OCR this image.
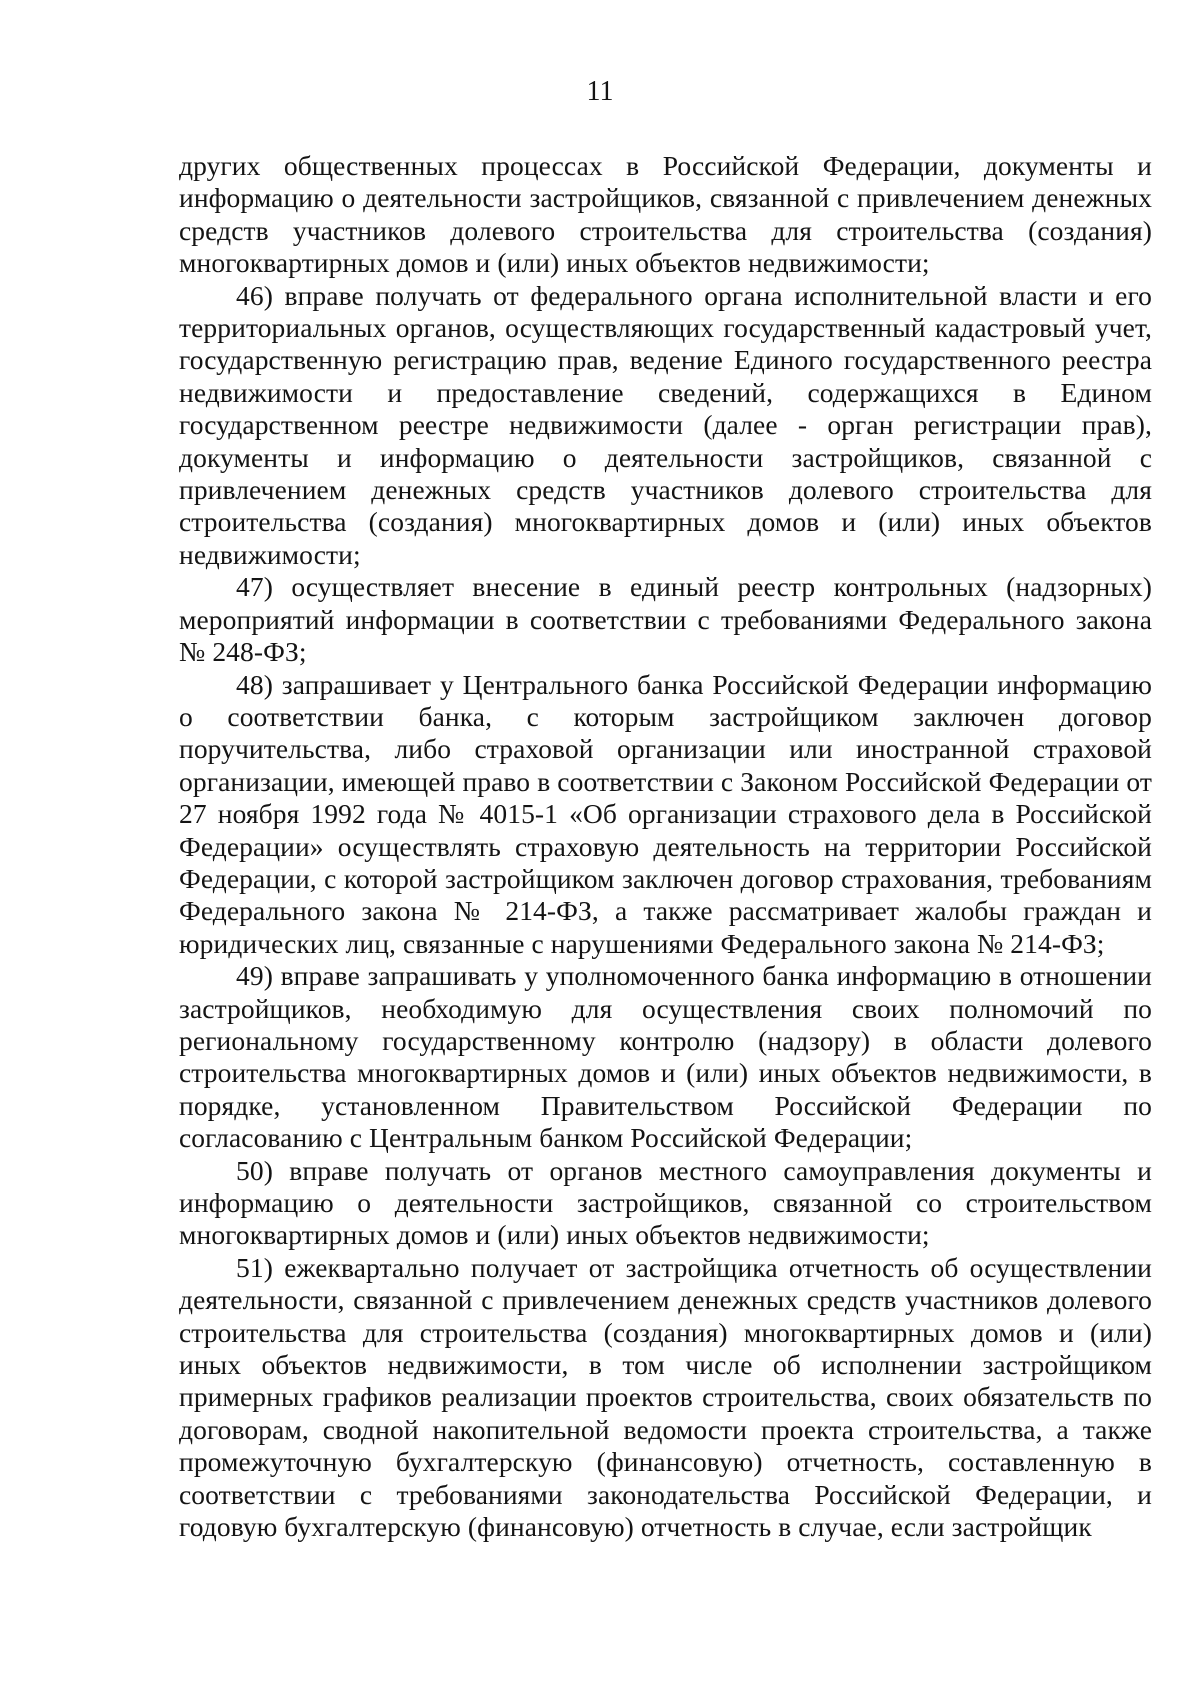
11

других общественных процессах в Российской Федерации, документы и информацию о деятельности застройщиков, связанной с привлечением денежных средств участников долевого строительства для строительства (создания) многоквартирных домов и (или) иных объектов недвижимости;

46) вправе получать от федерального органа исполнительной власти и его территориальных органов, осуществляющих государственный кадастровый учет, государственную регистрацию прав, ведение Единого государственного реестра недвижимости и предоставление сведений, содержащихся в Едином государственном реестре недвижимости (далее - орган регистрации прав), документы и информацию о деятельности застройщиков, связанной с привлечением денежных средств участников долевого строительства для строительства (создания) многоквартирных домов и (или) иных объектов недвижимости;

47) осуществляет внесение в единый реестр контрольных (надзорных) мероприятий информации в соответствии с требованиями Федерального закона № 248-ФЗ;

48) запрашивает у Центрального банка Российской Федерации информацию о соответствии банка, с которым застройщиком заключен договор поручительства, либо страховой организации или иностранной страховой организации, имеющей право в соответствии с Законом Российской Федерации от 27 ноября 1992 года № 4015-1 «Об организации страхового дела в Российской Федерации» осуществлять страховую деятельность на территории Российской Федерации, с которой застройщиком заключен договор страхования, требованиям Федерального закона № 214-ФЗ, а также рассматривает жалобы граждан и юридических лиц, связанные с нарушениями Федерального закона № 214-ФЗ;

49) вправе запрашивать у уполномоченного банка информацию в отношении застройщиков, необходимую для осуществления своих полномочий по региональному государственному контролю (надзору) в области долевого строительства многоквартирных домов и (или) иных объектов недвижимости, в порядке, установленном Правительством Российской Федерации по согласованию с Центральным банком Российской Федерации;

50) вправе получать от органов местного самоуправления документы и информацию о деятельности застройщиков, связанной со строительством многоквартирных домов и (или) иных объектов недвижимости;

51) ежеквартально получает от застройщика отчетность об осуществлении деятельности, связанной с привлечением денежных средств участников долевого строительства для строительства (создания) многоквартирных домов и (или) иных объектов недвижимости, в том числе об исполнении застройщиком примерных графиков реализации проектов строительства, своих обязательств по договорам, сводной накопительной ведомости проекта строительства, а также промежуточную бухгалтерскую (финансовую) отчетность, составленную в соответствии с требованиями законодательства Российской Федерации, и годовую бухгалтерскую (финансовую) отчетность в случае, если застройщик
